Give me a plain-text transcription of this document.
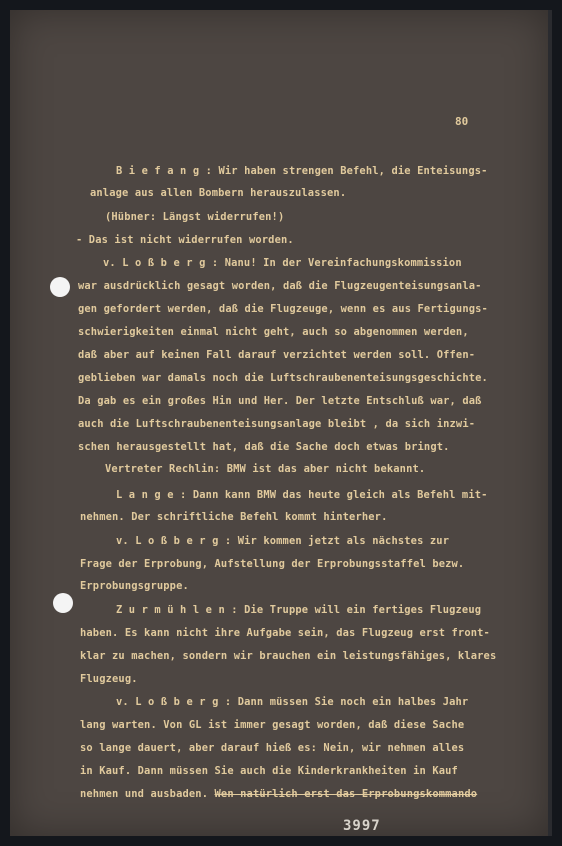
80
B i e f a n g : Wir haben strengen Befehl, die Enteisungs-
anlage aus allen Bombern herauszulassen.
(Hübner: Längst widerrufen!)
- Das ist nicht widerrufen worden.
v. L o ß b e r g : Nanu! In der Vereinfachungskommission
war ausdrücklich gesagt worden, daß die Flugzeugenteisungsanla-
gen gefordert werden, daß die Flugzeuge, wenn es aus Fertigungs-
schwierigkeiten einmal nicht geht, auch so abgenommen werden,
daß aber auf keinen Fall darauf verzichtet werden soll. Offen-
geblieben war damals noch die Luftschraubenenteisungsgeschichte.
Da gab es ein großes Hin und Her. Der letzte Entschluß war, daß
auch die Luftschraubenenteisungsanlage bleibt , da sich inzwi-
schen herausgestellt hat, daß die Sache doch etwas bringt.
Vertreter Rechlin: BMW ist das aber nicht bekannt.
L a n g e : Dann kann BMW das heute gleich als Befehl mit-
nehmen. Der schriftliche Befehl kommt hinterher.
v. L o ß b e r g : Wir kommen jetzt als nächstes zur
Frage der Erprobung, Aufstellung der Erprobungsstaffel bezw.
Erprobungsgruppe.
Z u r m ü h l e n : Die Truppe will ein fertiges Flugzeug
haben. Es kann nicht ihre Aufgabe sein, das Flugzeug erst front-
klar zu machen, sondern wir brauchen ein leistungsfähiges, klares
Flugzeug.
v. L o ß b e r g : Dann müssen Sie noch ein halbes Jahr
lang warten. Von GL ist immer gesagt worden, daß diese Sache
so lange dauert, aber darauf hieß es: Nein, wir nehmen alles
in Kauf. Dann müssen Sie auch die Kinderkrankheiten in Kauf
nehmen und ausbaden. Wen natürlich erst das Erprobungskommando
3997
